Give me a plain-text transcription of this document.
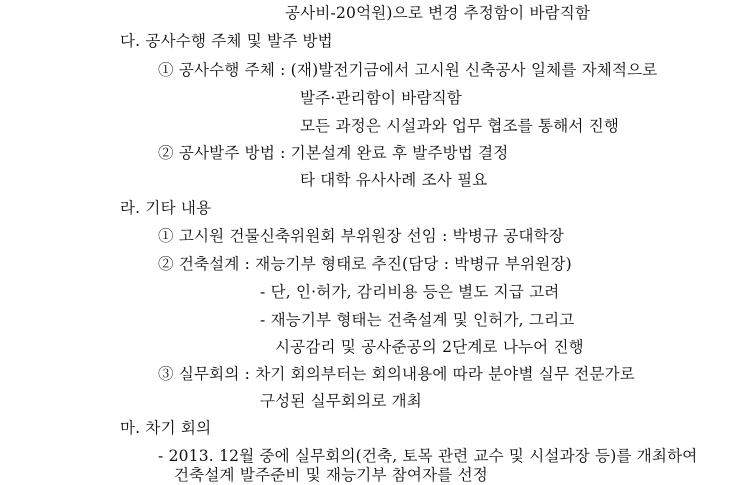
공사비-20억원)으로 변경 추정함이 바람직함
다. 공사수행 주체 및 발주 방법
① 공사수행 주체 : (재)발전기금에서 고시원 신축공사 일체를 자체적으로
발주·관리함이 바람직함
모든 과정은 시설과와 업무 협조를 통해서 진행
② 공사발주 방법 : 기본설계 완료 후 발주방법 결정
타 대학 유사사례 조사 필요
라. 기타 내용
① 고시원 건물신축위원회 부위원장 선임 : 박병규 공대학장
② 건축설계 : 재능기부 형태로 추진(담당 : 박병규 부위원장)
- 단, 인·허가, 감리비용 등은 별도 지급 고려
- 재능기부 형태는 건축설계 및 인허가, 그리고
시공감리 및 공사준공의 2단계로 나누어 진행
③ 실무회의 : 차기 회의부터는 회의내용에 따라 분야별 실무 전문가로
구성된 실무회의로 개최
마. 차기 회의
- 2013. 12월 중에 실무회의(건축, 토목 관련 교수 및 시설과장 등)를 개최하여
건축설계 발주준비 및 재능기부 참여자를 선정
